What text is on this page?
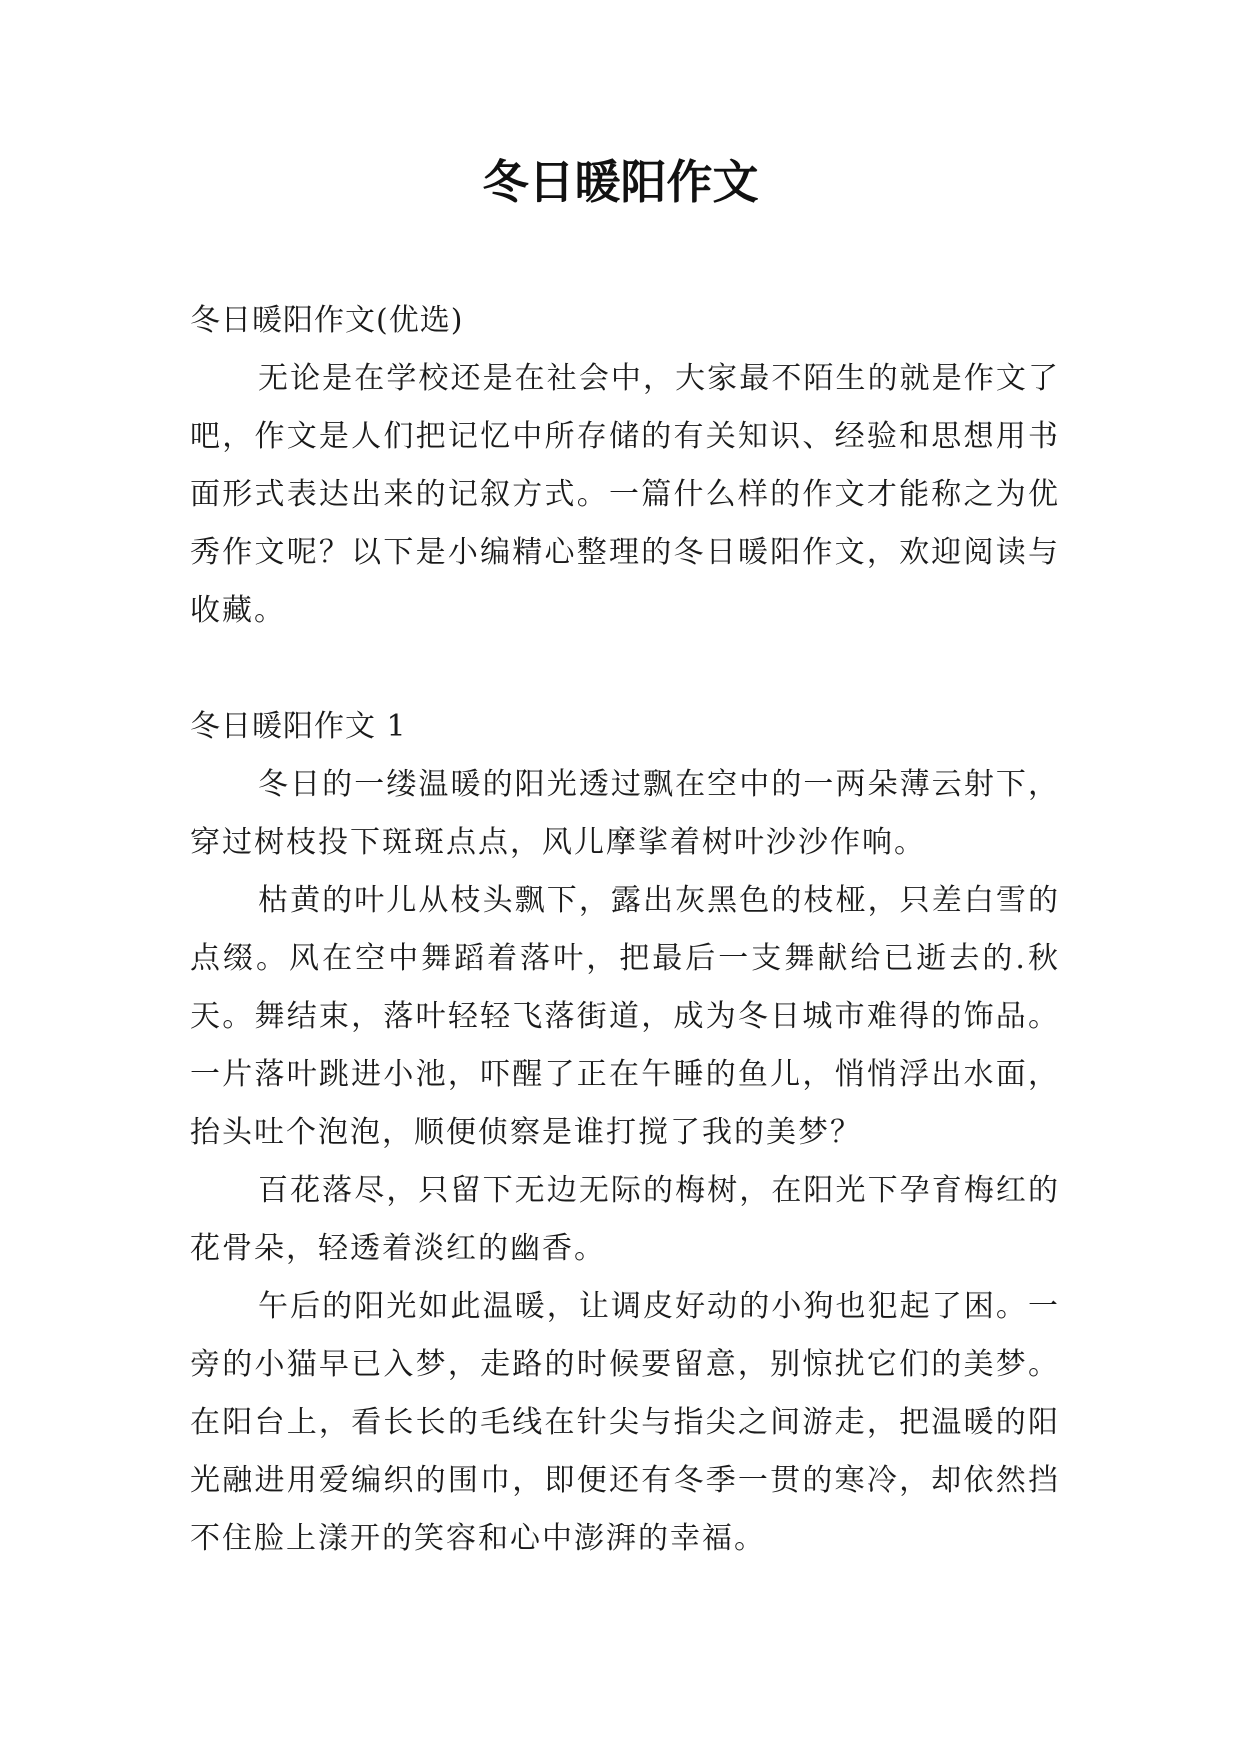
冬日暖阳作文

冬日暖阳作文(优选)

无论是在学校还是在社会中，大家最不陌生的就是作文了吧，作文是人们把记忆中所存储的有关知识、经验和思想用书面形式表达出来的记叙方式。一篇什么样的作文才能称之为优秀作文呢？以下是小编精心整理的冬日暖阳作文，欢迎阅读与收藏。

冬日暖阳作文 1

冬日的一缕温暖的阳光透过飘在空中的一两朵薄云射下，穿过树枝投下斑斑点点，风儿摩挲着树叶沙沙作响。

枯黄的叶儿从枝头飘下，露出灰黑色的枝桠，只差白雪的点缀。风在空中舞蹈着落叶，把最后一支舞献给已逝去的.秋天。舞结束，落叶轻轻飞落街道，成为冬日城市难得的饰品。一片落叶跳进小池，吓醒了正在午睡的鱼儿，悄悄浮出水面，抬头吐个泡泡，顺便侦察是谁打搅了我的美梦？

百花落尽，只留下无边无际的梅树，在阳光下孕育梅红的花骨朵，轻透着淡红的幽香。

午后的阳光如此温暖，让调皮好动的小狗也犯起了困。一旁的小猫早已入梦，走路的时候要留意，别惊扰它们的美梦。在阳台上，看长长的毛线在针尖与指尖之间游走，把温暖的阳光融进用爱编织的围巾，即便还有冬季一贯的寒冷，却依然挡不住脸上漾开的笑容和心中澎湃的幸福。
